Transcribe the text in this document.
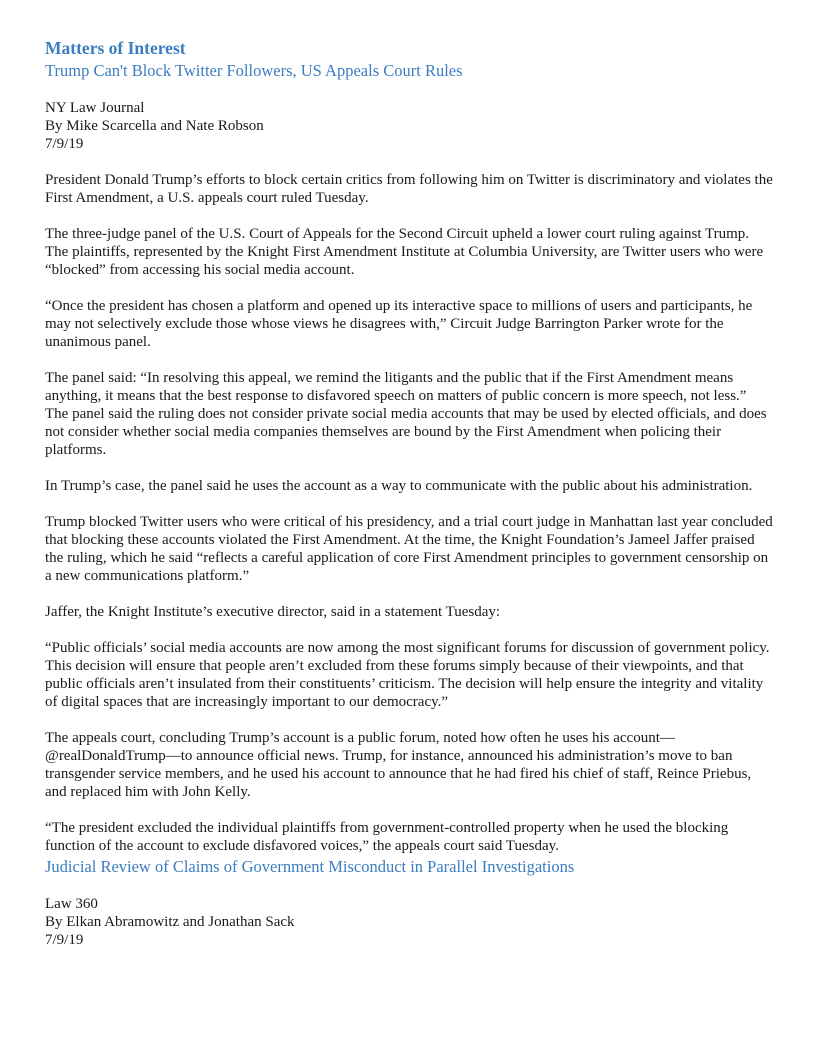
Matters of Interest
Trump Can't Block Twitter Followers, US Appeals Court Rules
NY Law Journal
By Mike Scarcella and Nate Robson
7/9/19

President Donald Trump’s efforts to block certain critics from following him on Twitter is discriminatory and violates the First Amendment, a U.S. appeals court ruled Tuesday.

The three-judge panel of the U.S. Court of Appeals for the Second Circuit upheld a lower court ruling against Trump. The plaintiffs, represented by the Knight First Amendment Institute at Columbia University, are Twitter users who were “blocked” from accessing his social media account.

“Once the president has chosen a platform and opened up its interactive space to millions of users and participants, he may not selectively exclude those whose views he disagrees with,” Circuit Judge Barrington Parker wrote for the unanimous panel.

The panel said: “In resolving this appeal, we remind the litigants and the public that if the First Amendment means anything, it means that the best response to disfavored speech on matters of public concern is more speech, not less.”

The panel said the ruling does not consider private social media accounts that may be used by elected officials, and does not consider whether social media companies themselves are bound by the First Amendment when policing their platforms.

In Trump’s case, the panel said he uses the account as a way to communicate with the public about his administration.

Trump blocked Twitter users who were critical of his presidency, and a trial court judge in Manhattan last year concluded that blocking these accounts violated the First Amendment. At the time, the Knight Foundation’s Jameel Jaffer praised the ruling, which he said “reflects a careful application of core First Amendment principles to government censorship on a new communications platform.”

Jaffer, the Knight Institute’s executive director, said in a statement Tuesday:

“Public officials’ social media accounts are now among the most significant forums for discussion of government policy. This decision will ensure that people aren’t excluded from these forums simply because of their viewpoints, and that public officials aren’t insulated from their constituents’ criticism. The decision will help ensure the integrity and vitality of digital spaces that are increasingly important to our democracy.”

The appeals court, concluding Trump’s account is a public forum, noted how often he uses his account—@realDonaldTrump—to announce official news. Trump, for instance, announced his administration’s move to ban transgender service members, and he used his account to announce that he had fired his chief of staff, Reince Priebus, and replaced him with John Kelly.

“The president excluded the individual plaintiffs from government-controlled property when he used the blocking function of the account to exclude disfavored voices,” the appeals court said Tuesday.

Judicial Review of Claims of Government Misconduct in Parallel Investigations
Law 360
By Elkan Abramowitz and Jonathan Sack
7/9/19
